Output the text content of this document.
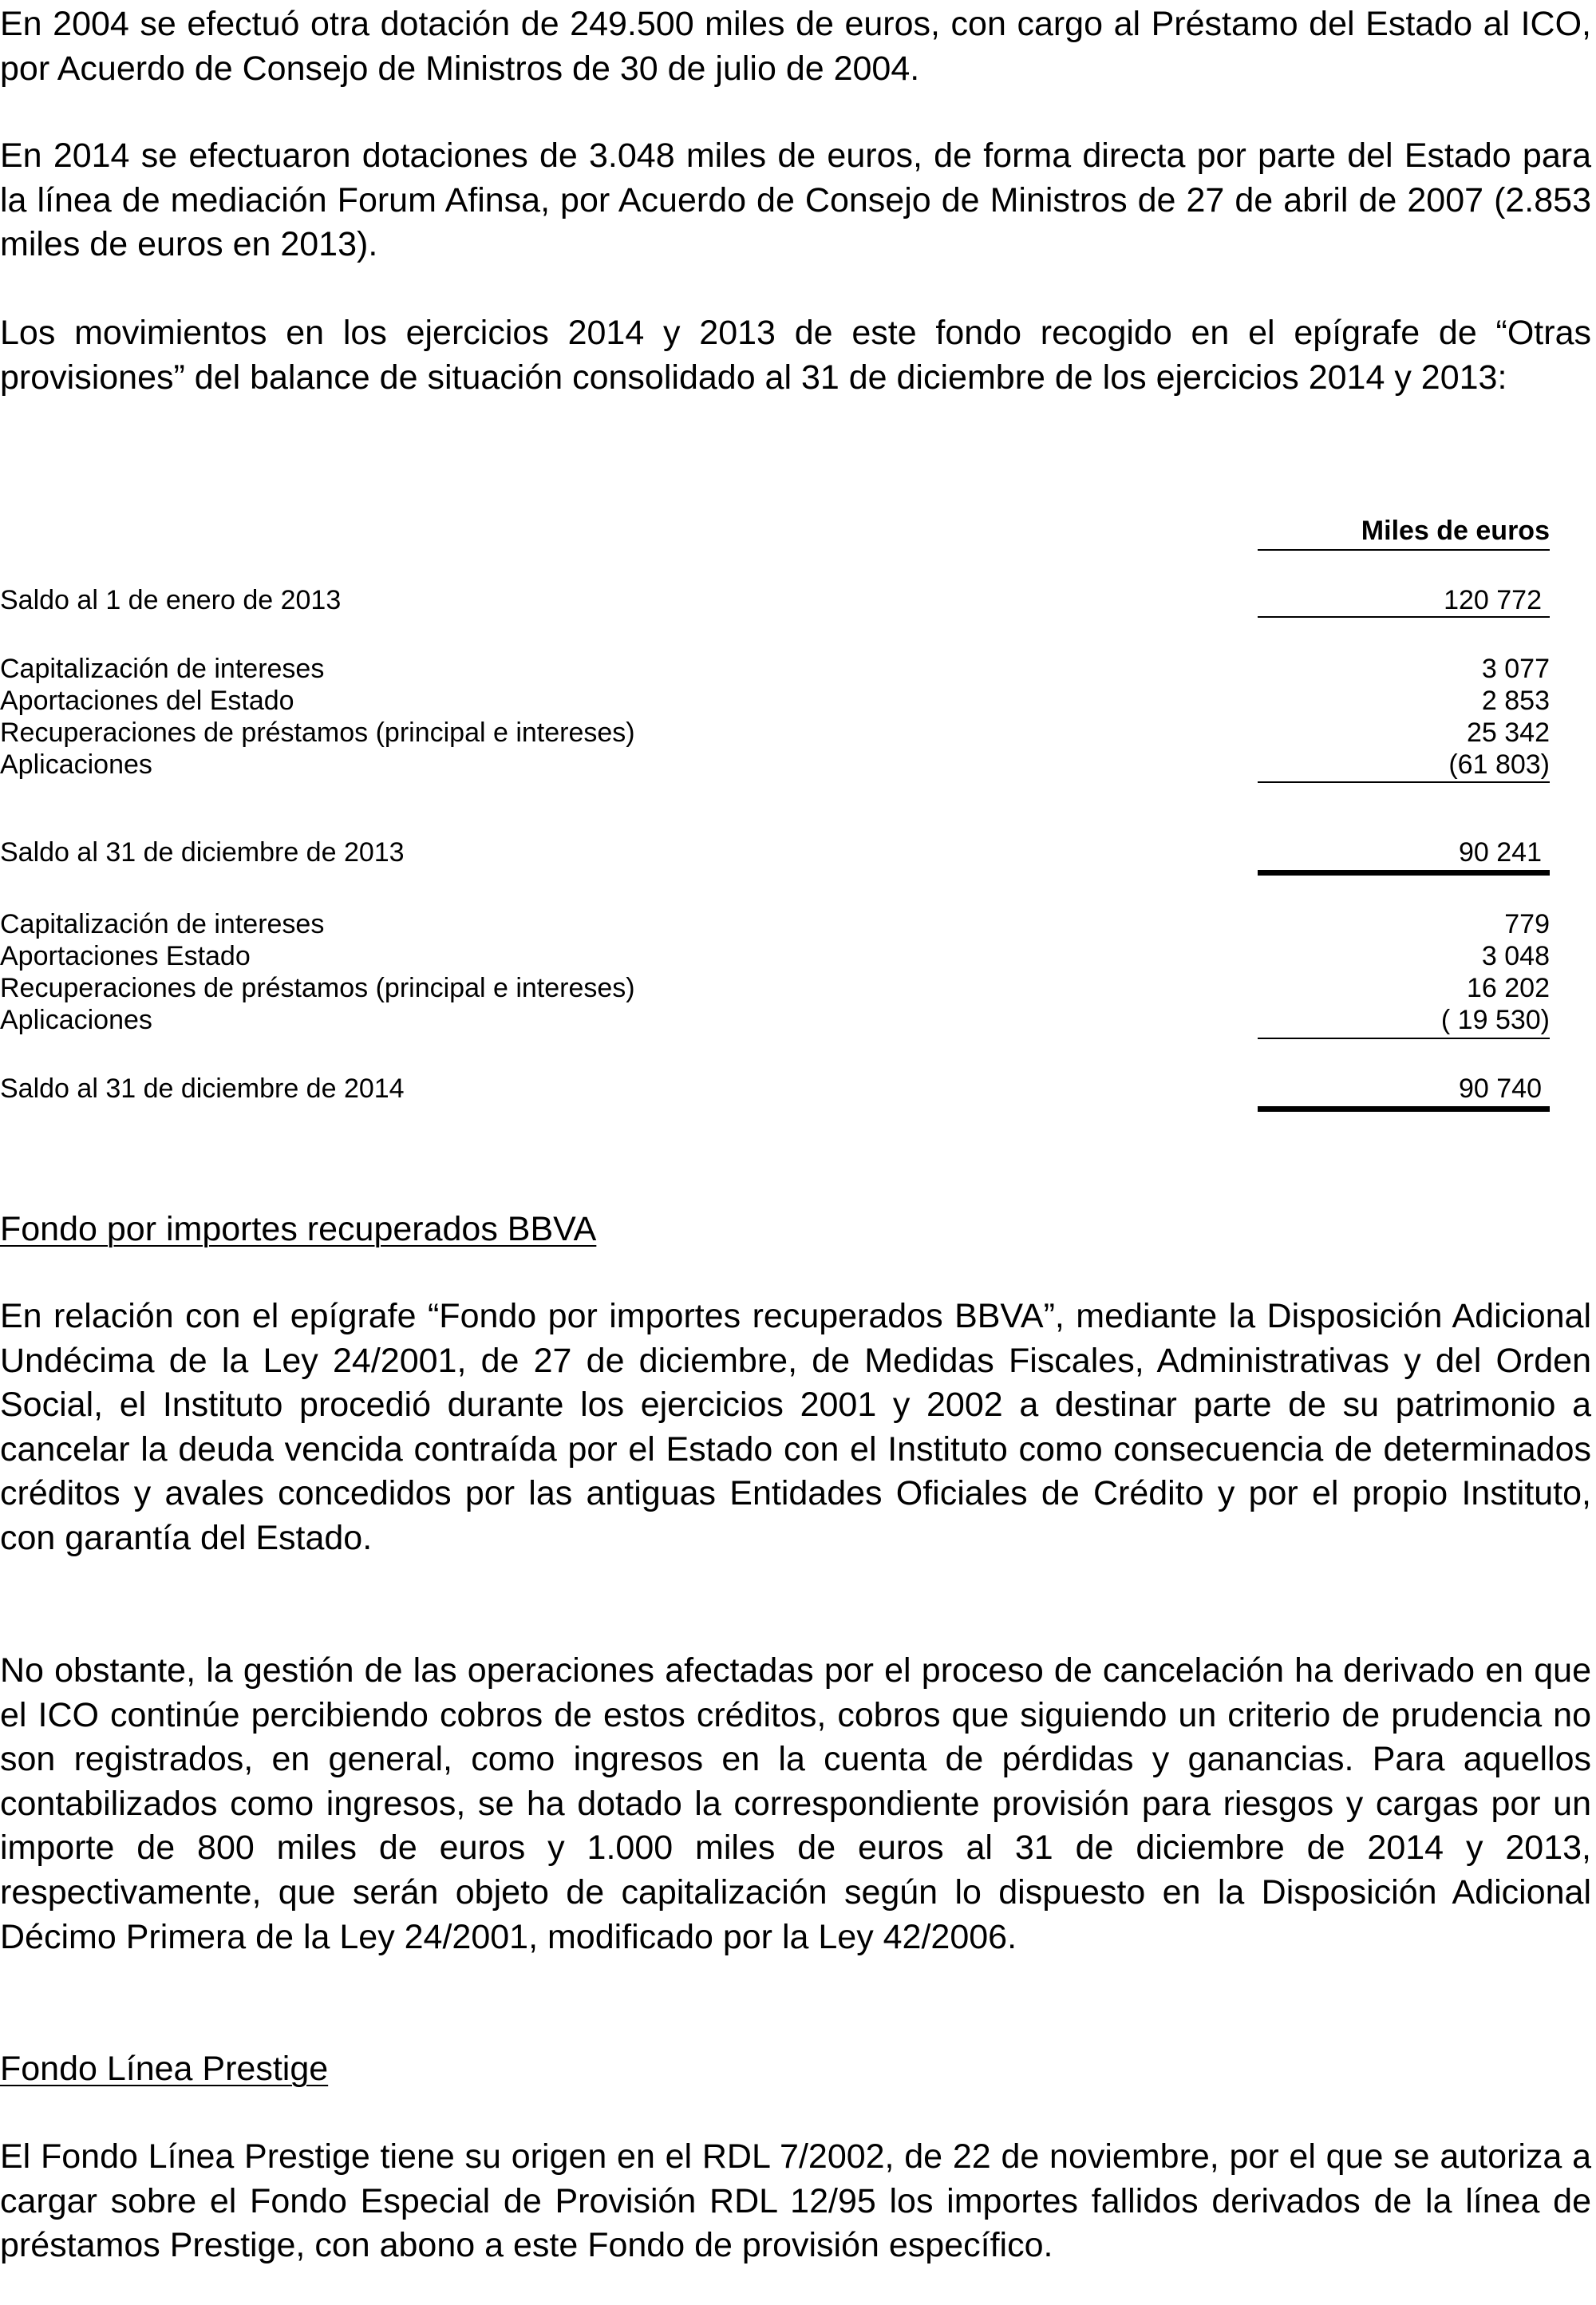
En 2004 se efectuó otra dotación de 249.500 miles de euros, con cargo al Préstamo del Estado al ICO, por Acuerdo de Consejo de Ministros de 30 de julio de 2004.

En 2014 se efectuaron dotaciones de 3.048 miles de euros, de forma directa por parte del Estado para la línea de mediación Forum Afinsa, por Acuerdo de Consejo de Ministros de 27 de abril de 2007 (2.853 miles de euros en 2013).

Los movimientos en los ejercicios 2014 y 2013 de este fondo recogido en el epígrafe de “Otras provisiones” del balance de situación consolidado al 31 de diciembre de los ejercicios 2014 y 2013:

Miles de euros
Saldo al 1 de enero de 2013	120 772
Capitalización de intereses	3 077
Aportaciones del Estado	2 853
Recuperaciones de préstamos (principal e intereses)	25 342
Aplicaciones	(61 803)
Saldo al 31 de diciembre de 2013	90 241
Capitalización de intereses	779
Aportaciones Estado	3 048
Recuperaciones de préstamos (principal e intereses)	16 202
Aplicaciones	( 19 530)
Saldo al 31 de diciembre de 2014	90 740
Fondo por importes recuperados BBVA

En relación con el epígrafe “Fondo por importes recuperados BBVA”, mediante la Disposición Adicional Undécima de la Ley 24/2001, de 27 de diciembre, de Medidas Fiscales, Administrativas y del Orden Social, el Instituto procedió durante los ejercicios 2001 y 2002 a destinar parte de su patrimonio a cancelar la deuda vencida contraída por el Estado con el Instituto como consecuencia de determinados créditos y avales concedidos por las antiguas Entidades Oficiales de Crédito y por el propio Instituto, con garantía del Estado.

No obstante, la gestión de las operaciones afectadas por el proceso de cancelación ha derivado en que el ICO continúe percibiendo cobros de estos créditos, cobros que siguiendo un criterio de prudencia no son registrados, en general, como ingresos en la cuenta de pérdidas y ganancias. Para aquellos contabilizados como ingresos, se ha dotado la correspondiente provisión para riesgos y cargas por un importe de 800 miles de euros y 1.000 miles de euros al 31 de diciembre de 2014 y 2013, respectivamente, que serán objeto de capitalización según lo dispuesto en la Disposición Adicional Décimo Primera de la Ley 24/2001, modificado por la Ley 42/2006.

Fondo Línea Prestige

El Fondo Línea Prestige tiene su origen en el RDL 7/2002, de 22 de noviembre, por el que se autoriza a cargar sobre el Fondo Especial de Provisión RDL 12/95 los importes fallidos derivados de la línea de préstamos Prestige, con abono a este Fondo de provisión específico.
